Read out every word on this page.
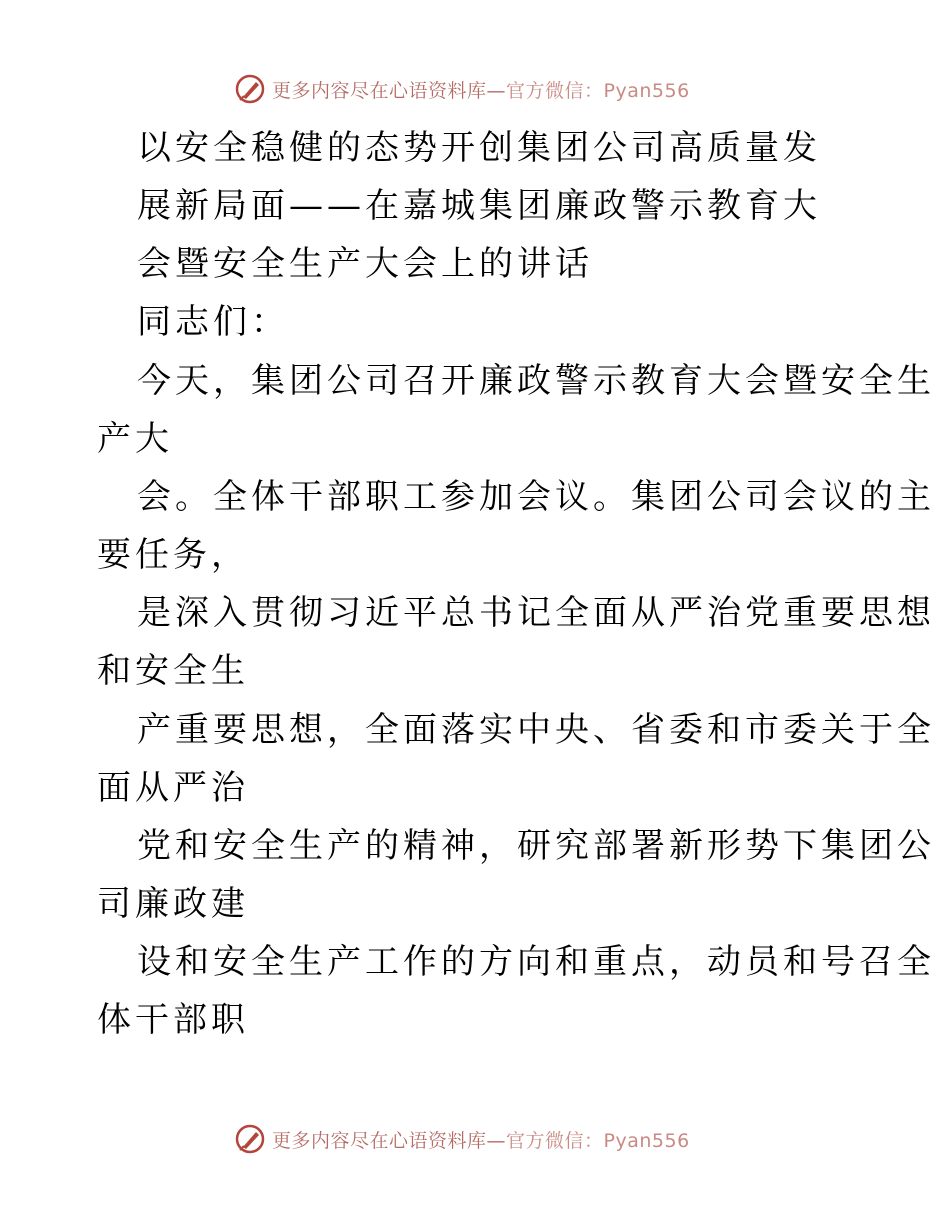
更多内容尽在心语资料库—官方微信：Pyan556
以安全稳健的态势开创集团公司高质量发
展新局面——在嘉城集团廉政警示教育大
会暨安全生产大会上的讲话
同志们：
今天，集团公司召开廉政警示教育大会暨安全生
产大
会。全体干部职工参加会议。集团公司会议的主
要任务，
是深入贯彻习近平总书记全面从严治党重要思想
和安全生
产重要思想，全面落实中央、省委和市委关于全
面从严治
党和安全生产的精神，研究部署新形势下集团公
司廉政建
设和安全生产工作的方向和重点，动员和号召全
体干部职
更多内容尽在心语资料库—官方微信：Pyan556
